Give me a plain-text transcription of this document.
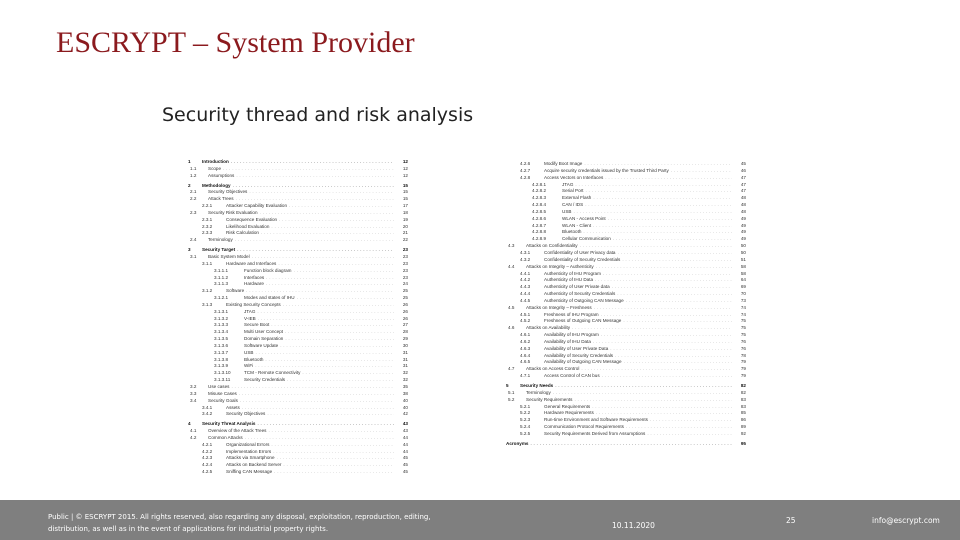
ESCRYPT – System Provider
Security thread and risk analysis
1	Introduction .....	12
1.1	Scope .....	12
1.2	Assumptions .....	12
2	Methodology .....	15
2.1	Security Objectives .....	15
2.2	Attack Trees .....	15
2.2.1	Attacker Capability Evaluation .....	17
2.3	Security Risk Evaluation .....	18
2.3.1	Consequence Evaluation .....	19
2.3.2	Likelihood Evaluation .....	20
2.3.3	Risk Calculation .....	21
2.4	Terminology .....	22
3	Security Target .....	23
3.1	Basic System Model .....	23
3.1.1	Hardware and Interfaces .....	23
3.1.1.1	Function block diagram .....	23
3.1.1.2	Interfaces .....	23
3.1.1.3	Hardware .....	24
3.1.2	Software .....	25
3.1.2.1	Modes and states of IHU .....	25
3.1.3	Existing Security Concepts .....	26
3.1.3.1	JTAG .....	26
3.1.3.2	V-IEB .....	26
3.1.3.3	Secure Boot .....	27
3.1.3.4	Multi User Concept .....	28
3.1.3.5	Domain Separation .....	29
3.1.3.6	Software Update .....	30
3.1.3.7	USB .....	31
3.1.3.8	Bluetooth .....	31
3.1.3.9	WiFi .....	31
3.1.3.10	TCM - Remote Connectivity .....	32
3.1.3.11	Security Credentials .....	32
3.2	Use cases .....	35
3.3	Misuse Cases .....	38
3.4	Security Goals .....	40
3.4.1	Assets .....	40
3.4.2	Security Objectives .....	42
4	Security Threat Analysis .....	43
4.1	Overview of the Attack Trees .....	43
4.2	Common Attacks .....	44
4.2.1	Organizational Errors .....	44
4.2.2	Implementation Errors .....	44
4.2.3	Attacks via Smartphone .....	45
4.2.4	Attacks on Backend Server .....	45
4.2.5	Sniffing CAN Message .....	45
4.2.6	Modify Boot Image .....	45
4.2.7	Acquire security credentials issued by the Trusted Third Party .....	46
4.2.8	Access Vectors on Interfaces .....	47
4.2.8.1	JTAG .....	47
4.2.8.2	Serial Port .....	47
4.2.8.3	External Flash .....	48
4.2.8.4	CAN / IDS .....	48
4.2.8.5	USB .....	48
4.2.8.6	WLAN - Access Point .....	49
4.2.8.7	WLAN - Client .....	49
4.2.8.8	Bluetooth .....	49
4.2.8.9	Cellular Communication .....	49
4.3	Attacks on Confidentiality .....	50
4.3.1	Confidentiality of User Privacy data .....	50
4.3.2	Confidentiality of Security Credentials .....	51
4.4	Attacks on Integrity – Authenticity .....	58
4.4.1	Authenticity of IHU Program .....	58
4.4.2	Authenticity of IHU Data .....	64
4.4.3	Authenticity of User Private data .....	69
4.4.4	Authenticity of Security Credentials .....	70
4.4.5	Authenticity of Outgoing CAN Message .....	73
4.5	Attacks on Integrity – Freshness .....	74
4.5.1	Freshness of IHU Program .....	74
4.5.2	Freshness of Outgoing CAN Message .....	75
4.6	Attacks on Availability .....	75
4.6.1	Availability of IHU Program .....	75
4.6.2	Availability of IHU Data .....	76
4.6.3	Availability of User Private Data .....	76
4.6.4	Availability of Security Credentials .....	78
4.6.5	Availability of Outgoing CAN Message .....	79
4.7	Attacks on Access Control .....	79
4.7.1	Access Control of CAN bus .....	79
5	Security Needs .....	82
5.1	Terminology .....	82
5.2	Security Requirements .....	83
5.2.1	General Requirements .....	83
5.2.2	Hardware Requirements .....	85
5.2.3	Run-time Environment and Software Requirements .....	86
5.2.4	Communication Protocol Requirements .....	89
5.2.5	Security Requirements Derived from Assumptions .....	92
Acronyms .....	95
Public | © ESCRYPT 2015. All rights reserved, also regarding any disposal, exploitation, reproduction, editing,
distribution, as well as in the event of applications for industrial property rights.	10.11.2020
25	info@escrypt.com
